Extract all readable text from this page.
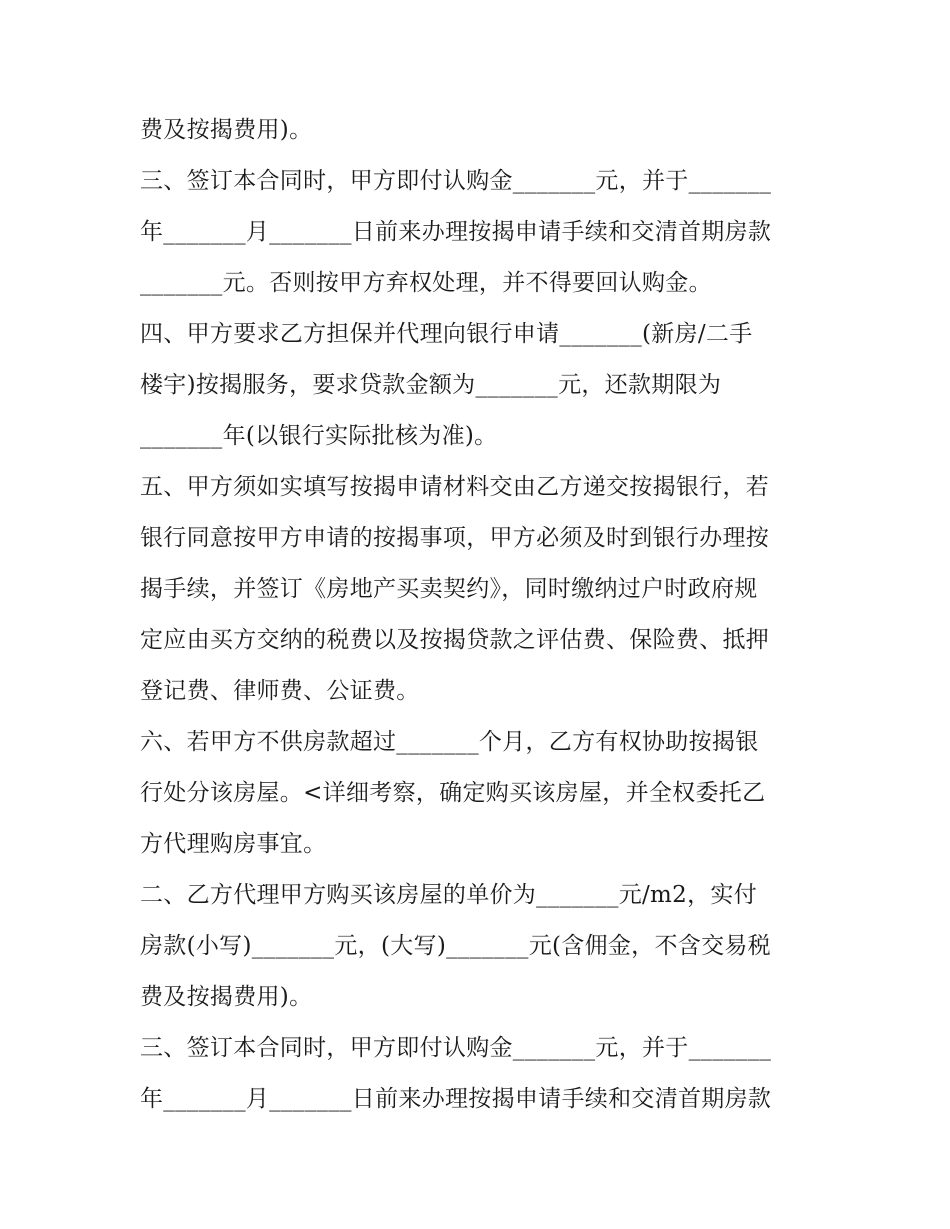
费及按揭费用)。
三、签订本合同时，甲方即付认购金_______元，并于_______
年_______月_______日前来办理按揭申请手续和交清首期房款
_______元。否则按甲方弃权处理，并不得要回认购金。
四、甲方要求乙方担保并代理向银行申请_______(新房/二手
楼宇)按揭服务，要求贷款金额为_______元，还款期限为
_______年(以银行实际批核为准)。
五、甲方须如实填写按揭申请材料交由乙方递交按揭银行，若
银行同意按甲方申请的按揭事项，甲方必须及时到银行办理按
揭手续，并签订《房地产买卖契约》，同时缴纳过户时政府规
定应由买方交纳的税费以及按揭贷款之评估费、保险费、抵押
登记费、律师费、公证费。
六、若甲方不供房款超过_______个月，乙方有权协助按揭银
行处分该房屋。<详细考察，确定购买该房屋，并全权委托乙
方代理购房事宜。
二、乙方代理甲方购买该房屋的单价为_______元/m2，实付
房款(小写)_______元，(大写)_______元(含佣金，不含交易税
费及按揭费用)。
三、签订本合同时，甲方即付认购金_______元，并于_______
年_______月_______日前来办理按揭申请手续和交清首期房款
